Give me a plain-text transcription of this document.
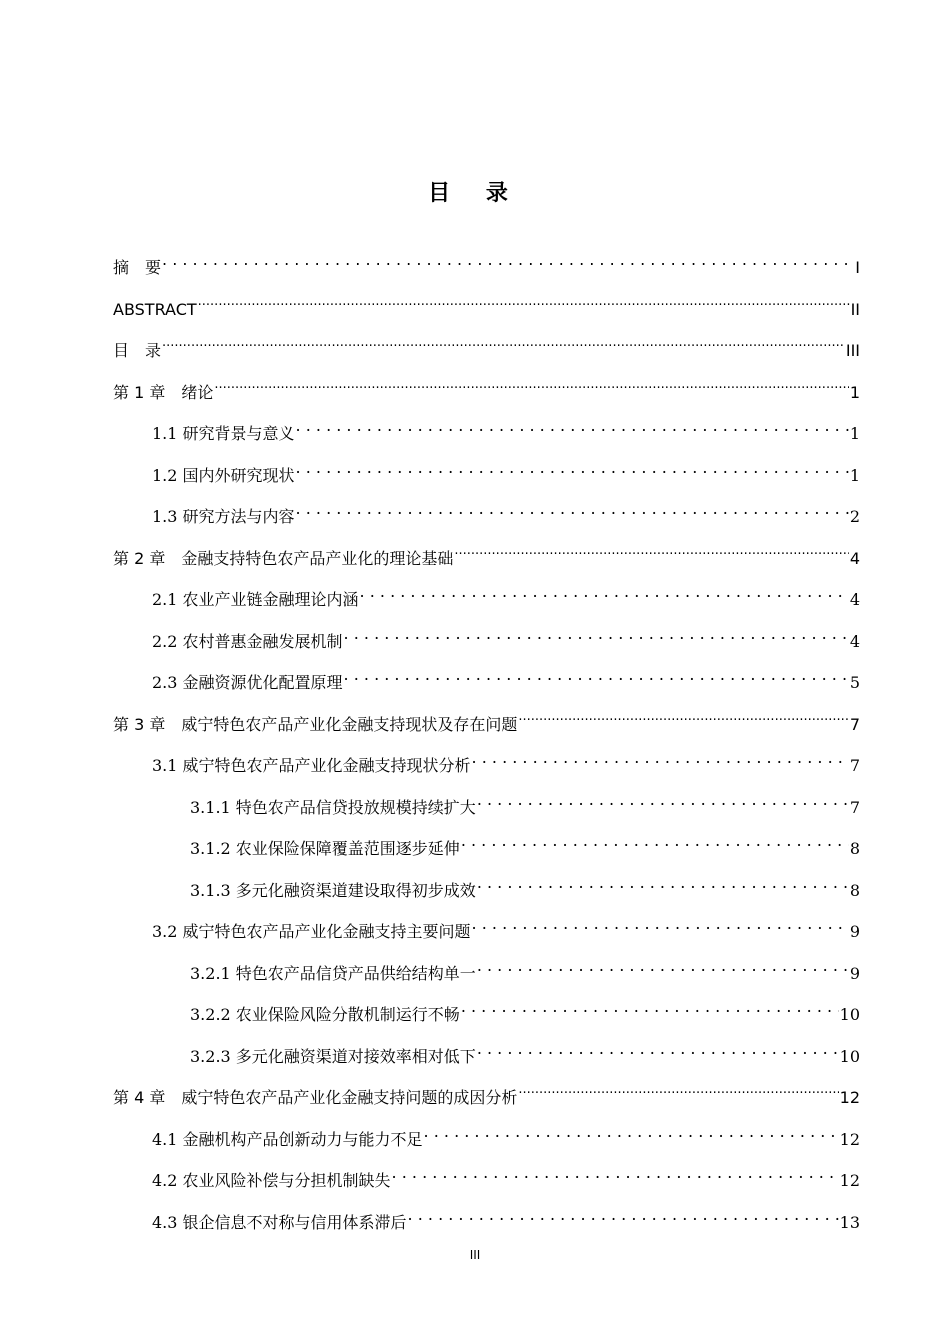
目 录
摘　要 . . .	I
ABSTRACT .....	II
目　录 .....	III
第 1 章　绪论 .....	1
1.1 研究背景与意义 . . .	1
1.2 国内外研究现状 . . .	1
1.3 研究方法与内容 . . .	2
第 2 章　金融支持特色农产品产业化的理论基础 .....	4
2.1 农业产业链金融理论内涵 . . .	4
2.2 农村普惠金融发展机制 . . .	4
2.3 金融资源优化配置原理 . . .	5
第 3 章　威宁特色农产品产业化金融支持现状及存在问题 .....	7
3.1 威宁特色农产品产业化金融支持现状分析 . . .	7
3.1.1 特色农产品信贷投放规模持续扩大 . . .	7
3.1.2 农业保险保障覆盖范围逐步延伸 . . .	8
3.1.3 多元化融资渠道建设取得初步成效 . . .	8
3.2 威宁特色农产品产业化金融支持主要问题 . . .	9
3.2.1 特色农产品信贷产品供给结构单一 . . .	9
3.2.2 农业保险风险分散机制运行不畅 . . .	10
3.2.3 多元化融资渠道对接效率相对低下 . . .	10
第 4 章　威宁特色农产品产业化金融支持问题的成因分析 .....	12
4.1 金融机构产品创新动力与能力不足 . . .	12
4.2 农业风险补偿与分担机制缺失 . . .	12
4.3 银企信息不对称与信用体系滞后 . . .	13
III
